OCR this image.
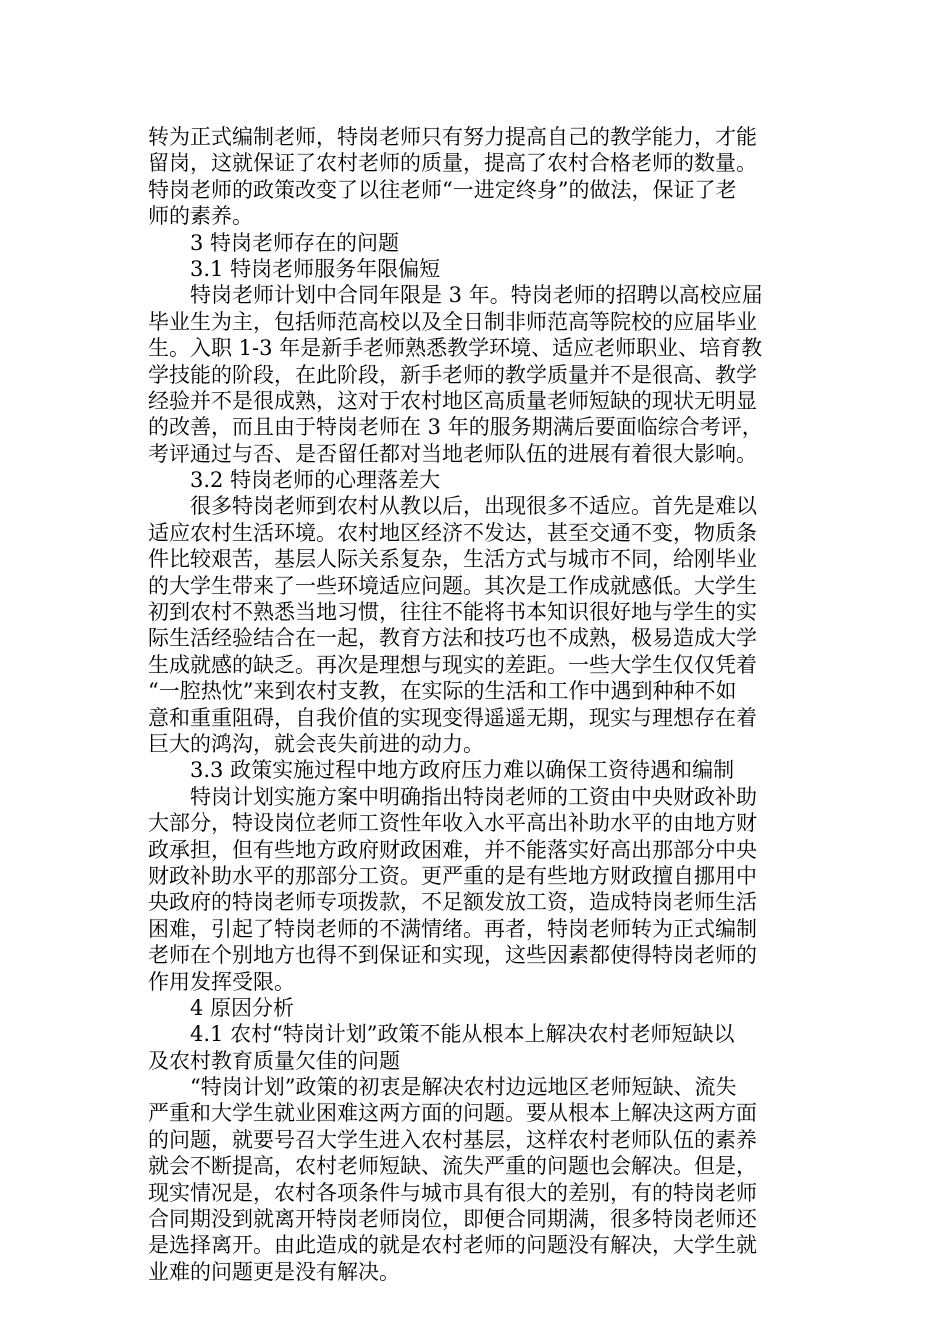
转为正式编制老师，特岗老师只有努力提高自己的教学能力，才能

留岗，这就保证了农村老师的质量，提高了农村合格老师的数量。

特岗老师的政策改变了以往老师“一进定终身”的做法，保证了老

师的素养。

3 特岗老师存在的问题

3.1 特岗老师服务年限偏短

特岗老师计划中合同年限是 3 年。特岗老师的招聘以高校应届

毕业生为主，包括师范高校以及全日制非师范高等院校的应届毕业

生。入职 1-3 年是新手老师熟悉教学环境、适应老师职业、培育教

学技能的阶段，在此阶段，新手老师的教学质量并不是很高、教学

经验并不是很成熟，这对于农村地区高质量老师短缺的现状无明显

的改善，而且由于特岗老师在 3 年的服务期满后要面临综合考评，

考评通过与否、是否留任都对当地老师队伍的进展有着很大影响。

3.2 特岗老师的心理落差大

很多特岗老师到农村从教以后，出现很多不适应。首先是难以

适应农村生活环境。农村地区经济不发达，甚至交通不变，物质条

件比较艰苦，基层人际关系复杂，生活方式与城市不同，给刚毕业

的大学生带来了一些环境适应问题。其次是工作成就感低。大学生

初到农村不熟悉当地习惯，往往不能将书本知识很好地与学生的实

际生活经验结合在一起，教育方法和技巧也不成熟，极易造成大学

生成就感的缺乏。再次是理想与现实的差距。一些大学生仅仅凭着

“一腔热忱”来到农村支教，在实际的生活和工作中遇到种种不如

意和重重阻碍，自我价值的实现变得遥遥无期，现实与理想存在着

巨大的鸿沟，就会丧失前进的动力。

3.3 政策实施过程中地方政府压力难以确保工资待遇和编制

特岗计划实施方案中明确指出特岗老师的工资由中央财政补助

大部分，特设岗位老师工资性年收入水平高出补助水平的由地方财

政承担，但有些地方政府财政困难，并不能落实好高出那部分中央

财政补助水平的那部分工资。更严重的是有些地方财政擅自挪用中

央政府的特岗老师专项拨款，不足额发放工资，造成特岗老师生活

困难，引起了特岗老师的不满情绪。再者，特岗老师转为正式编制

老师在个别地方也得不到保证和实现，这些因素都使得特岗老师的

作用发挥受限。

4 原因分析

4.1 农村“特岗计划”政策不能从根本上解决农村老师短缺以

及农村教育质量欠佳的问题

“特岗计划”政策的初衷是解决农村边远地区老师短缺、流失

严重和大学生就业困难这两方面的问题。要从根本上解决这两方面

的问题，就要号召大学生进入农村基层，这样农村老师队伍的素养

就会不断提高，农村老师短缺、流失严重的问题也会解决。但是，

现实情况是，农村各项条件与城市具有很大的差别，有的特岗老师

合同期没到就离开特岗老师岗位，即便合同期满，很多特岗老师还

是选择离开。由此造成的就是农村老师的问题没有解决，大学生就

业难的问题更是没有解决。
